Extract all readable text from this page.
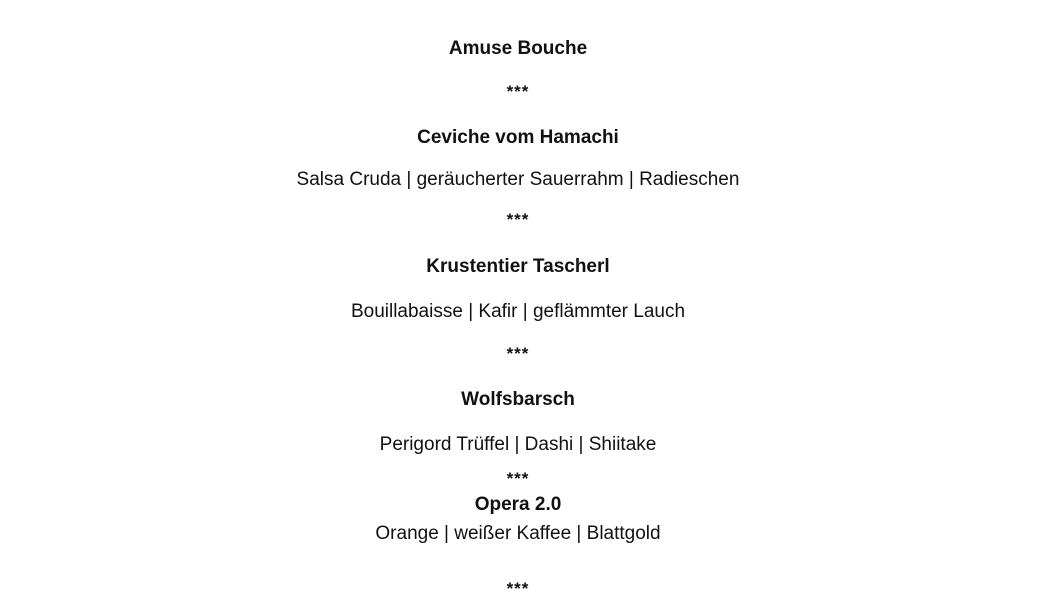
Amuse Bouche
***
Ceviche vom Hamachi
Salsa Cruda | geräucherter Sauerrahm | Radieschen
***
Krustentier Tascherl
Bouillabaisse | Kafir | geflämmter Lauch
***
Wolfsbarsch
Perigord Trüffel | Dashi | Shiitake
***
Opera 2.0
Orange | weißer Kaffee | Blattgold
***
